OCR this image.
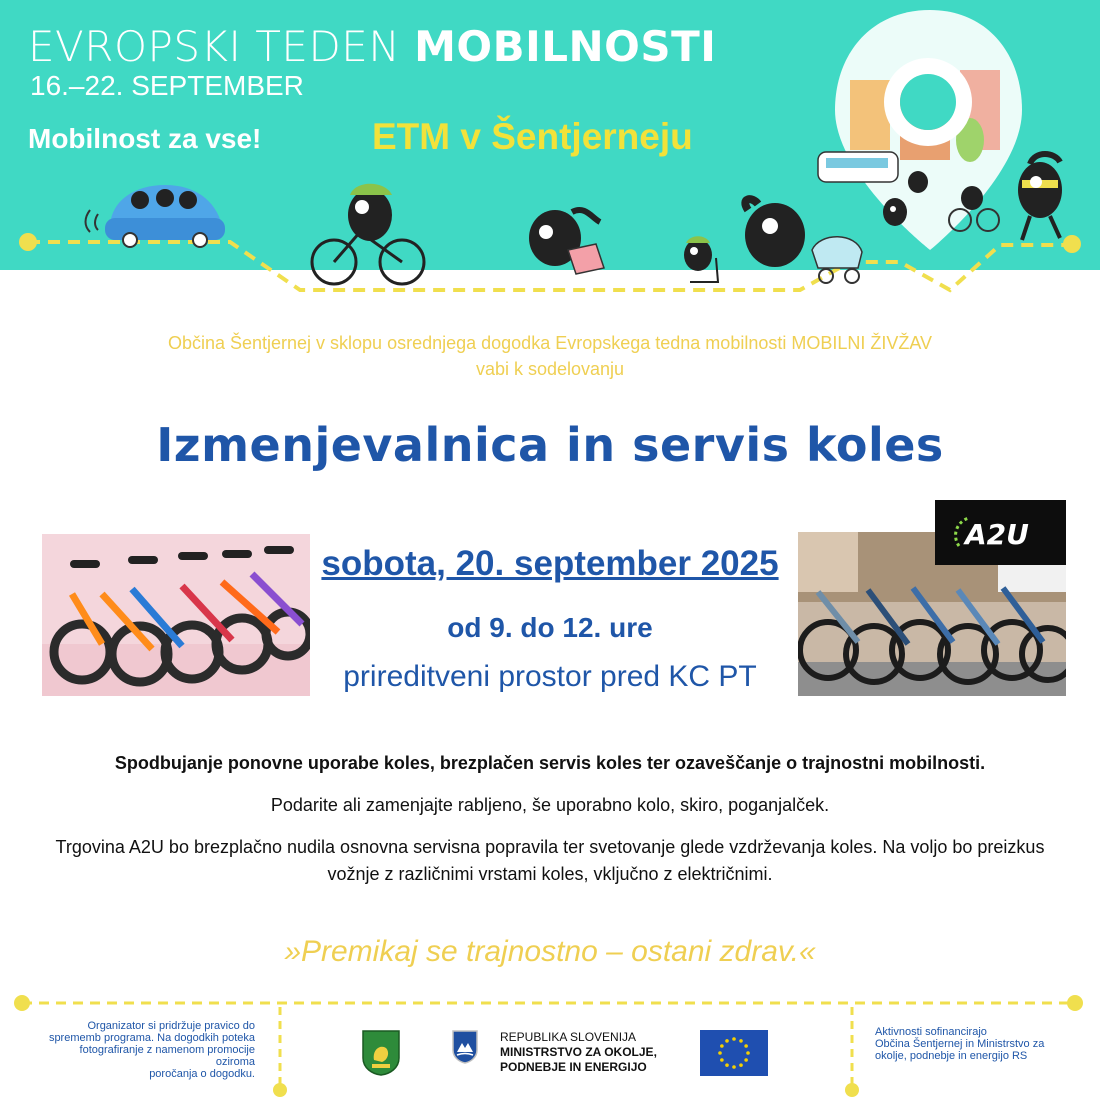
EVROPSKI TEDEN MOBILNOSTI
16.–22. SEPTEMBER
Mobilnost za vse!	ETM v Šentjerneju
Občina Šentjernej v sklopu osrednjega dogodka Evropskega tedna mobilnosti MOBILNI ŽIVŽAV
vabi k sodelovanju
Izmenjevalnica in servis koles
A2U
sobota, 20. september 2025
od 9. do 12. ure
prireditveni prostor pred KC PT
Spodbujanje ponovne uporabe koles, brezplačen servis koles ter ozaveščanje o trajnostni mobilnosti.
Podarite ali zamenjajte rabljeno, še uporabno kolo, skiro, poganjalček.
Trgovina A2U bo brezplačno nudila osnovna servisna popravila ter svetovanje glede vzdrževanja koles. Na voljo bo preizkus
vožnje z različnimi vrstami koles, vključno z električnimi.
»Premikaj se trajnostno – ostani zdrav.«
Organizator si pridržuje pravico do
sprememb programa. Na dogodkih poteka
fotografiranje z namenom promocije oziroma
poročanja o dogodku.
REPUBLIKA SLOVENIJA
MINISTRSTVO ZA OKOLJE,
PODNEBJE IN ENERGIJO
Aktivnosti sofinancirajo
Občina Šentjernej in Ministrstvo za
okolje, podnebje in energijo RS
